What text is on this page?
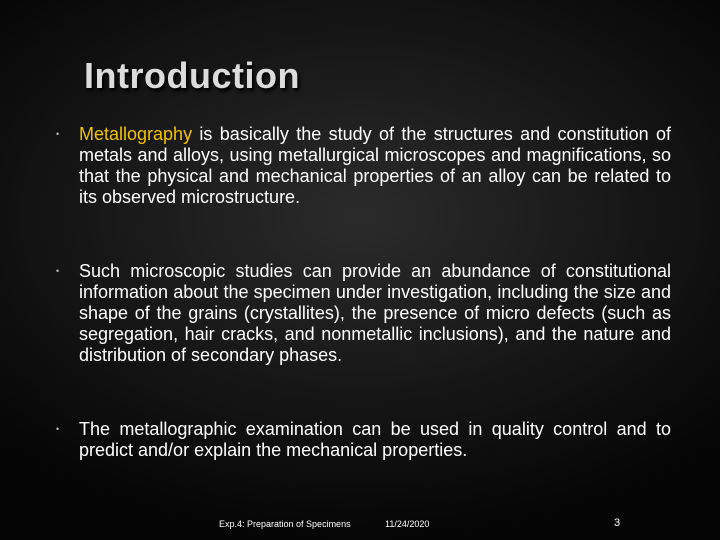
Introduction
• Metallography is basically the study of the structures and constitution of metals and alloys, using metallurgical microscopes and magnifications, so that the physical and mechanical properties of an alloy can be related to its observed microstructure.
• Such microscopic studies can provide an abundance of constitutional information about the specimen under investigation, including the size and shape of the grains (crystallites), the presence of micro defects (such as segregation, hair cracks, and nonmetallic inclusions), and the nature and distribution of secondary phases.
• The metallographic examination can be used in quality control and to predict and/or explain the mechanical properties.
Exp.4: Preparation of Specimens	11/24/2020	3
